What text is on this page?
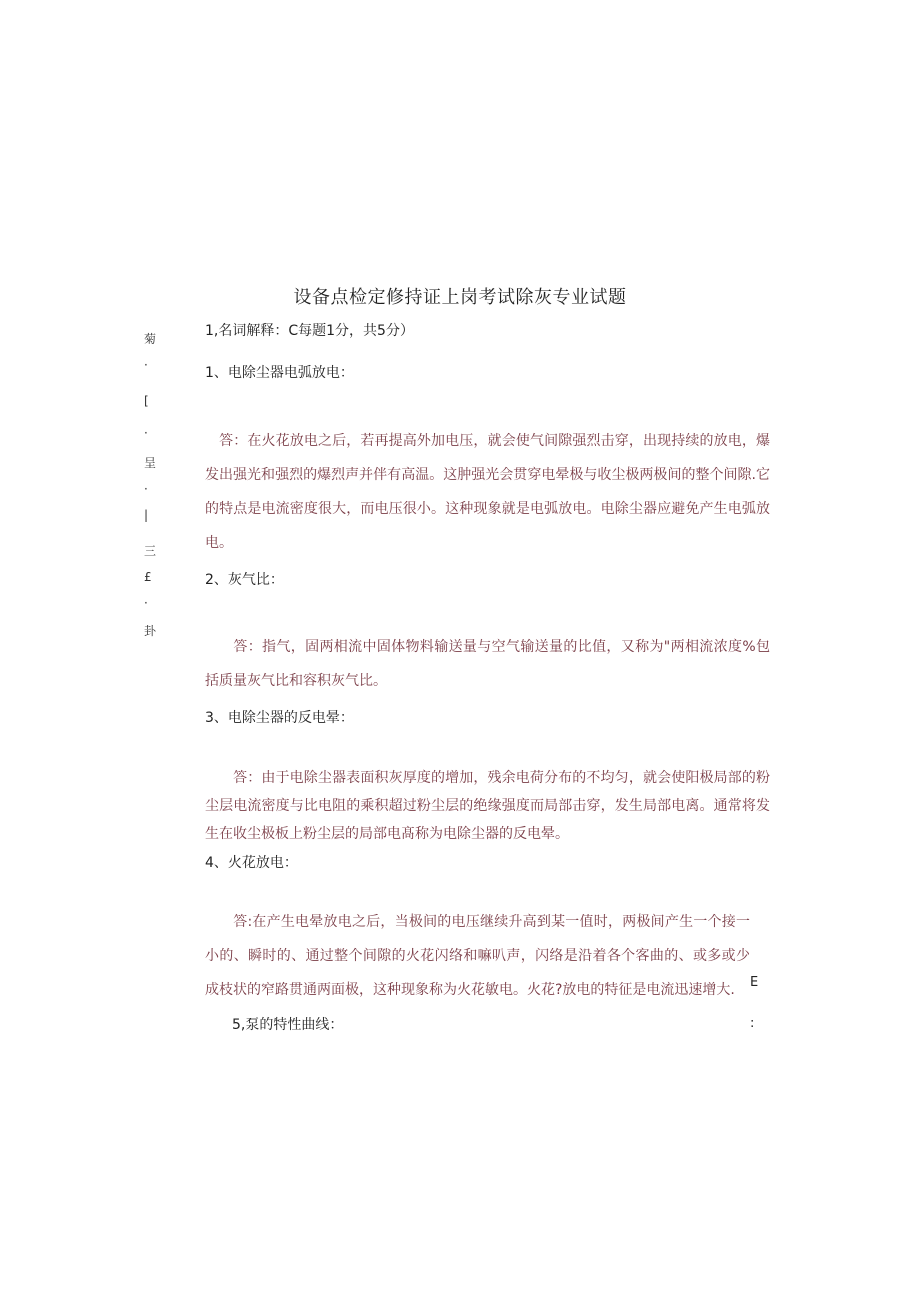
菊
·
[
·
呈
·
|
三
£
·
卦
设备点检定修持证上岗考试除灰专业试题
1,名词解释：C每题1分，共5分）
1、电除尘器电弧放电：
答：在火花放电之后，若再提高外加电压，就会使气间隙强烈击穿，出现持续的放电，爆发出强光和强烈的爆烈声并伴有高温。这肿强光会贯穿电晕极与收尘极两极间的整个间隙.它的特点是电流密度很大，而电压很小。这种现象就是电弧放电。电除尘器应避免产生电弧放电。
2、灰气比：
答：指气，固两相流中固体物料输送量与空气输送量的比值，又称为"两相流浓度%包括质量灰气比和容积灰气比。
3、电除尘器的反电晕：
答：由于电除尘器表面积灰厚度的增加，残余电荷分布的不均匀，就会使阳极局部的粉尘层电流密度与比电阻的乘积超过粉尘层的绝缘强度而局部击穿，发生局部电离。通常将发生在收尘极板上粉尘层的局部电髙称为电除尘器的反电晕。
4、火花放电：
答:在产生电晕放电之后，当极间的电压继续升高到某一值时，两极间产生一个接一小的、瞬时的、通过整个间隙的火花闪络和嘛叭声，闪络是沿着各个客曲的、或多或少成枝状的窄路贯通两面极，这种现象称为火花敏电。火花?放电的特征是电流迅速增大.	E
5,泵的特性曲线：	:
